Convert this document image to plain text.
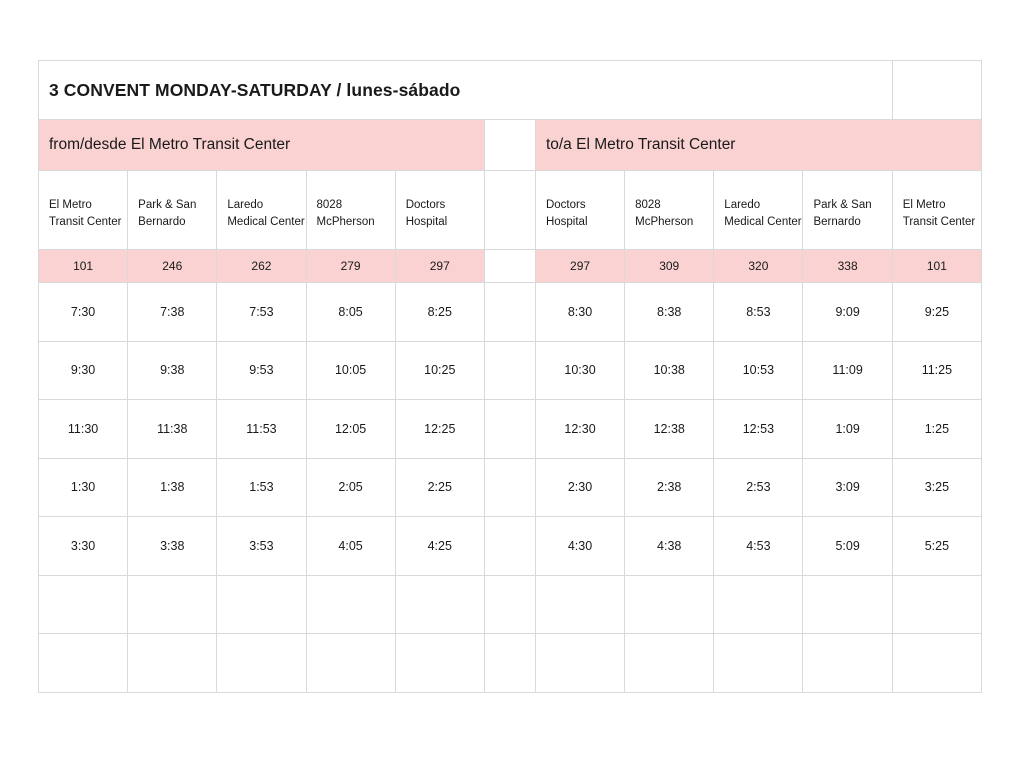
3 CONVENT MONDAY-SATURDAY / lunes-sábado										
from/desde El Metro Transit Center						to/a El Metro Transit Center				
El Metro Transit Center	Park & San Bernardo	Laredo Medical Center	8028 McPherson	Doctors Hospital		Doctors Hospital	8028 McPherson	Laredo Medical Center	Park & San Bernardo	El Metro Transit Center
101	246	262	279	297		297	309	320	338	101
7:30	7:38	7:53	8:05	8:25		8:30	8:38	8:53	9:09	9:25
9:30	9:38	9:53	10:05	10:25		10:30	10:38	10:53	11:09	11:25
11:30	11:38	11:53	12:05	12:25		12:30	12:38	12:53	1:09	1:25
1:30	1:38	1:53	2:05	2:25		2:30	2:38	2:53	3:09	3:25
3:30	3:38	3:53	4:05	4:25		4:30	4:38	4:53	5:09	5:25
